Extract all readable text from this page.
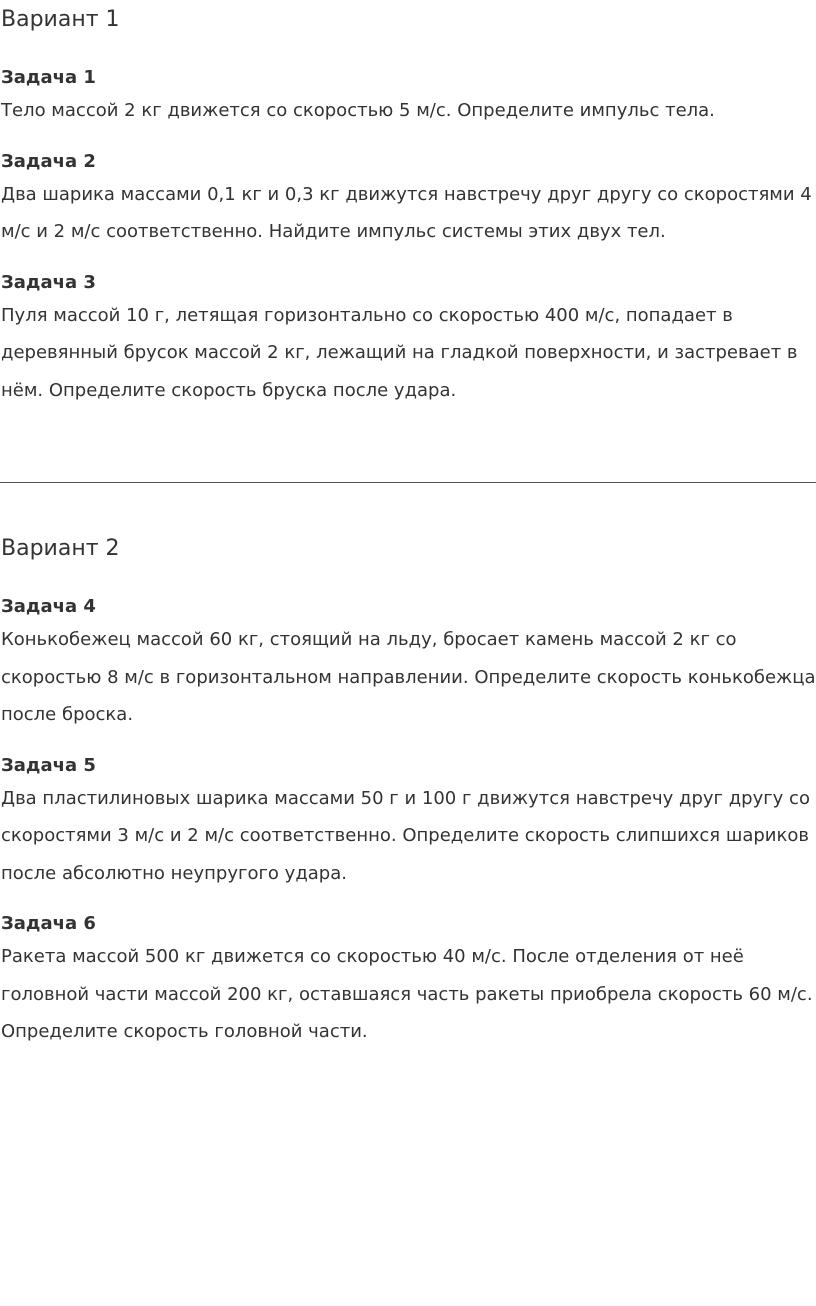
Вариант 1
Задача 1

Тело массой 2 кг движется со скоростью 5 м/с. Определите импульс тела.

Задача 2

Два шарика массами 0,1 кг и 0,3 кг движутся навстречу друг другу со скоростями 4 м/с и 2 м/с соответственно. Найдите импульс системы этих двух тел.

Задача 3

Пуля массой 10 г, летящая горизонтально со скоростью 400 м/с, попадает в деревянный брусок массой 2 кг, лежащий на гладкой поверхности, и застревает в нём. Определите скорость бруска после удара.

Вариант 2
Задача 4

Конькобежец массой 60 кг, стоящий на льду, бросает камень массой 2 кг со скоростью 8 м/с в горизонтальном направлении. Определите скорость конькобежца после броска.

Задача 5

Два пластилиновых шарика массами 50 г и 100 г движутся навстречу друг другу со скоростями 3 м/с и 2 м/с соответственно. Определите скорость слипшихся шариков после абсолютно неупругого удара.

Задача 6

Ракета массой 500 кг движется со скоростью 40 м/с. После отделения от неё головной части массой 200 кг, оставшаяся часть ракеты приобрела скорость 60 м/с. Определите скорость головной части.
